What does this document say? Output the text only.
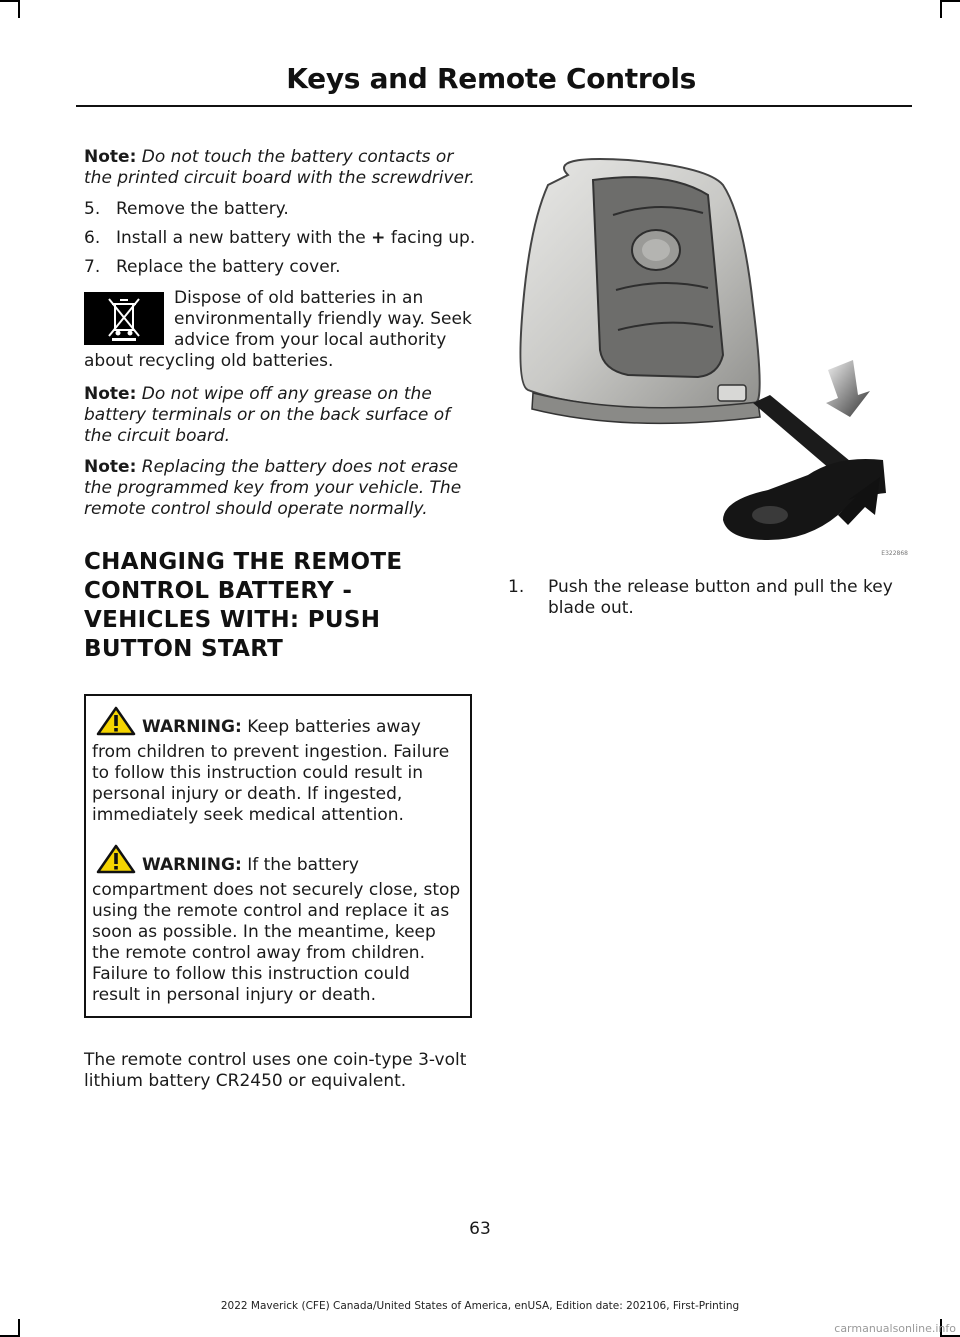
Keys and Remote Controls

Note: Do not touch the battery contacts or the printed circuit board with the screwdriver.

5. Remove the battery.
6. Install a new battery with the + facing up.
7. Replace the battery cover.

Dispose of old batteries in an environmentally friendly way. Seek advice from your local authority about recycling old batteries.

Note: Do not wipe off any grease on the battery terminals or on the back surface of the circuit board.

Note: Replacing the battery does not erase the programmed key from your vehicle. The remote control should operate normally.

CHANGING THE REMOTE CONTROL BATTERY - VEHICLES WITH: PUSH BUTTON START

WARNING: Keep batteries away from children to prevent ingestion. Failure to follow this instruction could result in personal injury or death. If ingested, immediately seek medical attention.

WARNING: If the battery compartment does not securely close, stop using the remote control and replace it as soon as possible. In the meantime, keep the remote control away from children. Failure to follow this instruction could result in personal injury or death.

The remote control uses one coin-type 3-volt lithium battery CR2450 or equivalent.

E322868
1.	Push the release button and pull the key blade out.
63
2022 Maverick (CFE) Canada/United States of America, enUSA, Edition date: 202106, First-Printing
carmanualsonline.info
